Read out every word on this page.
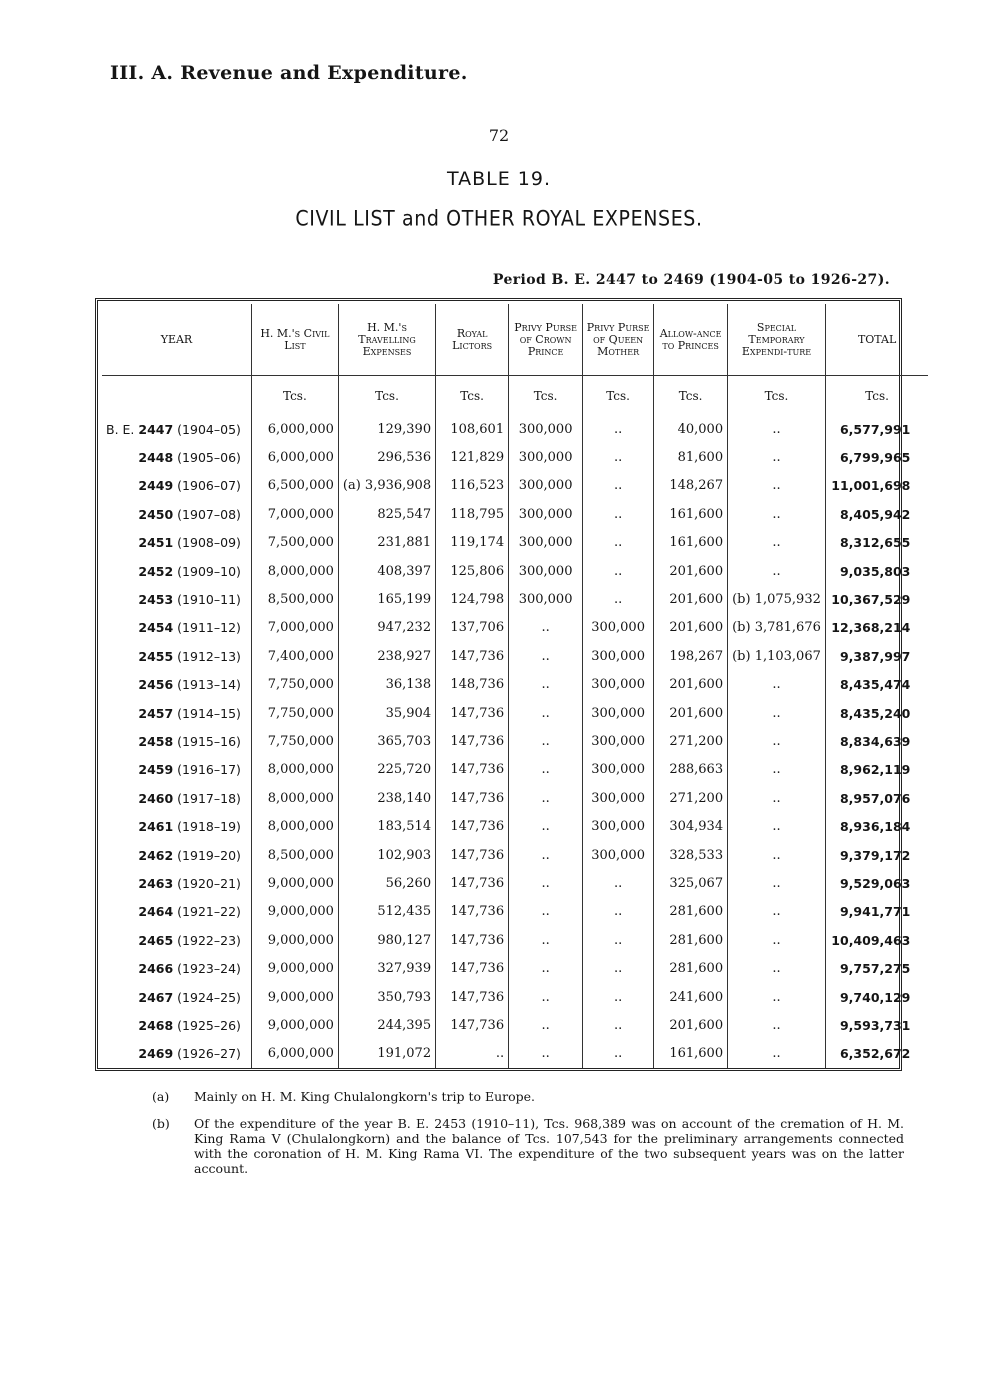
III. A. Revenue and Expenditure.
72
TABLE 19.
CIVIL LIST and OTHER ROYAL EXPENSES.
Period B. E. 2447 to 2469 (1904-05 to 1926-27).
YEAR	H. M.'s Civil List	H. M.'s Travelling Expenses	Royal Lictors	Privy Purse of Crown Prince	Privy Purse of Queen Mother	Allow-ance to Princes	Special Temporary Expendi-ture	TOTAL
	Tcs.	Tcs.	Tcs.	Tcs.	Tcs.	Tcs.	Tcs.	Tcs.
B. E. 2447 (1904–05)	6,000,000	129,390	108,601	300,000	..	40,000	..	6,577,991
2448 (1905–06)	6,000,000	296,536	121,829	300,000	..	81,600	..	6,799,965
2449 (1906–07)	6,500,000	(a) 3,936,908	116,523	300,000	..	148,267	..	11,001,698
2450 (1907–08)	7,000,000	825,547	118,795	300,000	..	161,600	..	8,405,942
2451 (1908–09)	7,500,000	231,881	119,174	300,000	..	161,600	..	8,312,655
2452 (1909–10)	8,000,000	408,397	125,806	300,000	..	201,600	..	9,035,803
2453 (1910–11)	8,500,000	165,199	124,798	300,000	..	201,600	(b) 1,075,932	10,367,529
2454 (1911–12)	7,000,000	947,232	137,706	..	300,000	201,600	(b) 3,781,676	12,368,214
2455 (1912–13)	7,400,000	238,927	147,736	..	300,000	198,267	(b) 1,103,067	9,387,997
2456 (1913–14)	7,750,000	36,138	148,736	..	300,000	201,600	..	8,435,474
2457 (1914–15)	7,750,000	35,904	147,736	..	300,000	201,600	..	8,435,240
2458 (1915–16)	7,750,000	365,703	147,736	..	300,000	271,200	..	8,834,639
2459 (1916–17)	8,000,000	225,720	147,736	..	300,000	288,663	..	8,962,119
2460 (1917–18)	8,000,000	238,140	147,736	..	300,000	271,200	..	8,957,076
2461 (1918–19)	8,000,000	183,514	147,736	..	300,000	304,934	..	8,936,184
2462 (1919–20)	8,500,000	102,903	147,736	..	300,000	328,533	..	9,379,172
2463 (1920–21)	9,000,000	56,260	147,736	..	..	325,067	..	9,529,063
2464 (1921–22)	9,000,000	512,435	147,736	..	..	281,600	..	9,941,771
2465 (1922–23)	9,000,000	980,127	147,736	..	..	281,600	..	10,409,463
2466 (1923–24)	9,000,000	327,939	147,736	..	..	281,600	..	9,757,275
2467 (1924–25)	9,000,000	350,793	147,736	..	..	241,600	..	9,740,129
2468 (1925–26)	9,000,000	244,395	147,736	..	..	201,600	..	9,593,731
2469 (1926–27)	6,000,000	191,072	..	..	..	161,600	..	6,352,672
(a) Mainly on H. M. King Chulalongkorn's trip to Europe.
(b) Of the expenditure of the year B. E. 2453 (1910–11), Tcs. 968,389 was on account of the cremation of H. M. King Rama V (Chulalongkorn) and the balance of Tcs. 107,543 for the preliminary arrangements connected with the coronation of H. M. King Rama VI. The expenditure of the two subsequent years was on the latter account.
